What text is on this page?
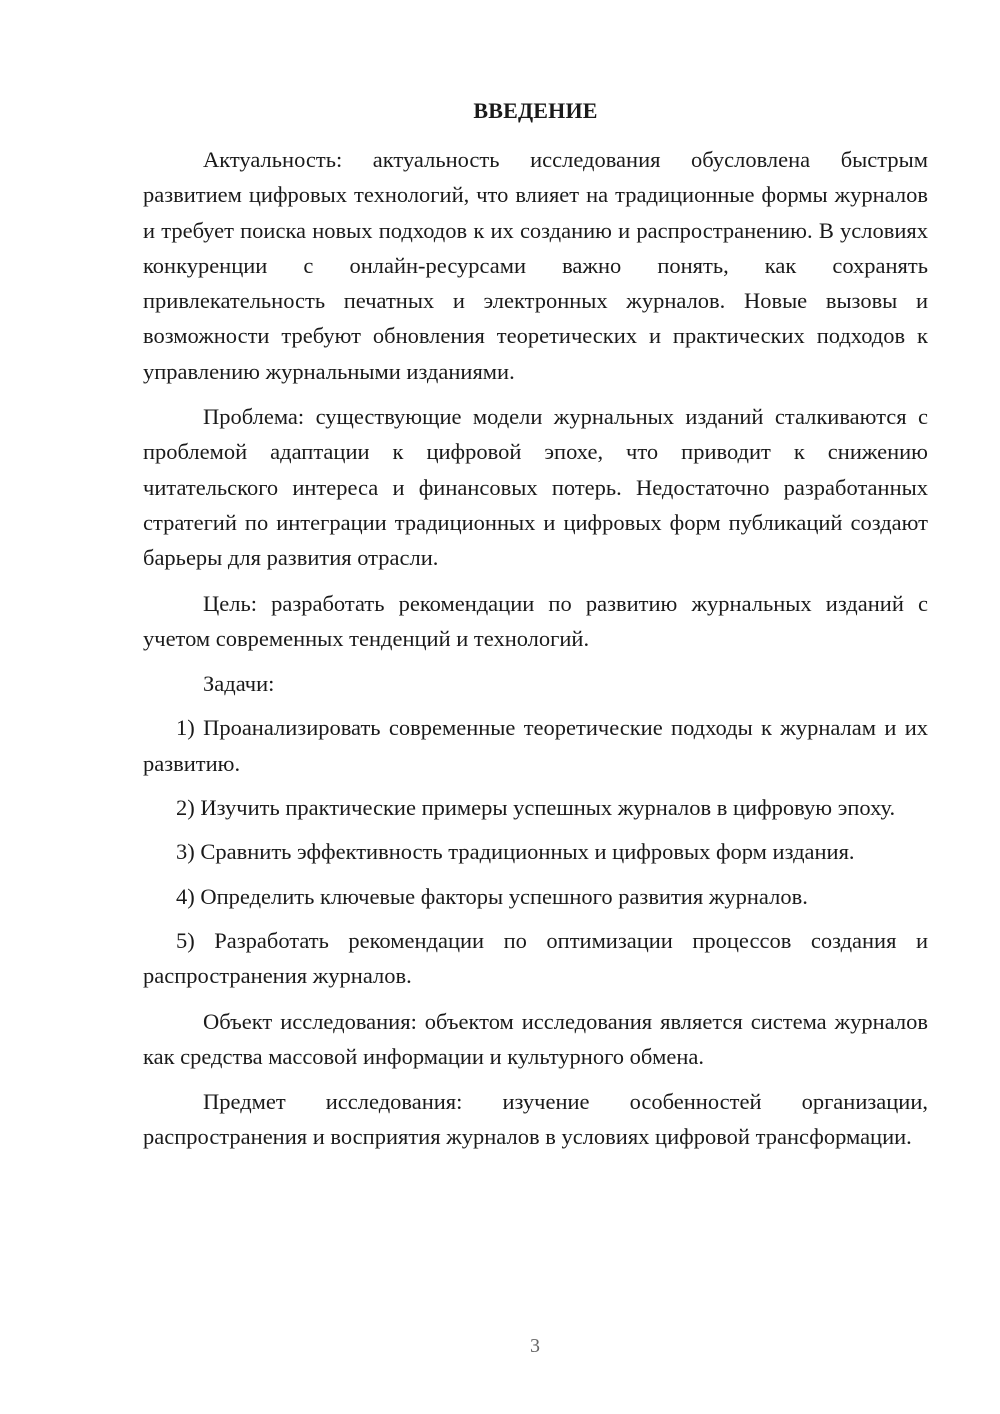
ВВЕДЕНИЕ

Актуальность: актуальность исследования обусловлена быстрым развитием цифровых технологий, что влияет на традиционные формы журналов и требует поиска новых подходов к их созданию и распространению. В условиях конкуренции с онлайн-ресурсами важно понять, как сохранять привлекательность печатных и электронных журналов. Новые вызовы и возможности требуют обновления теоретических и практических подходов к управлению журнальными изданиями.

Проблема: существующие модели журнальных изданий сталкиваются с проблемой адаптации к цифровой эпохе, что приводит к снижению читательского интереса и финансовых потерь. Недостаточно разработанных стратегий по интеграции традиционных и цифровых форм публикаций создают барьеры для развития отрасли.

Цель: разработать рекомендации по развитию журнальных изданий с учетом современных тенденций и технологий.

Задачи:

1) Проанализировать современные теоретические подходы к журналам и их развитию.

2) Изучить практические примеры успешных журналов в цифровую эпоху.

3) Сравнить эффективность традиционных и цифровых форм издания.

4) Определить ключевые факторы успешного развития журналов.

5) Разработать рекомендации по оптимизации процессов создания и распространения журналов.

Объект исследования: объектом исследования является система журналов как средства массовой информации и культурного обмена.

Предмет исследования: изучение особенностей организации, распространения и восприятия журналов в условиях цифровой трансформации.

3
